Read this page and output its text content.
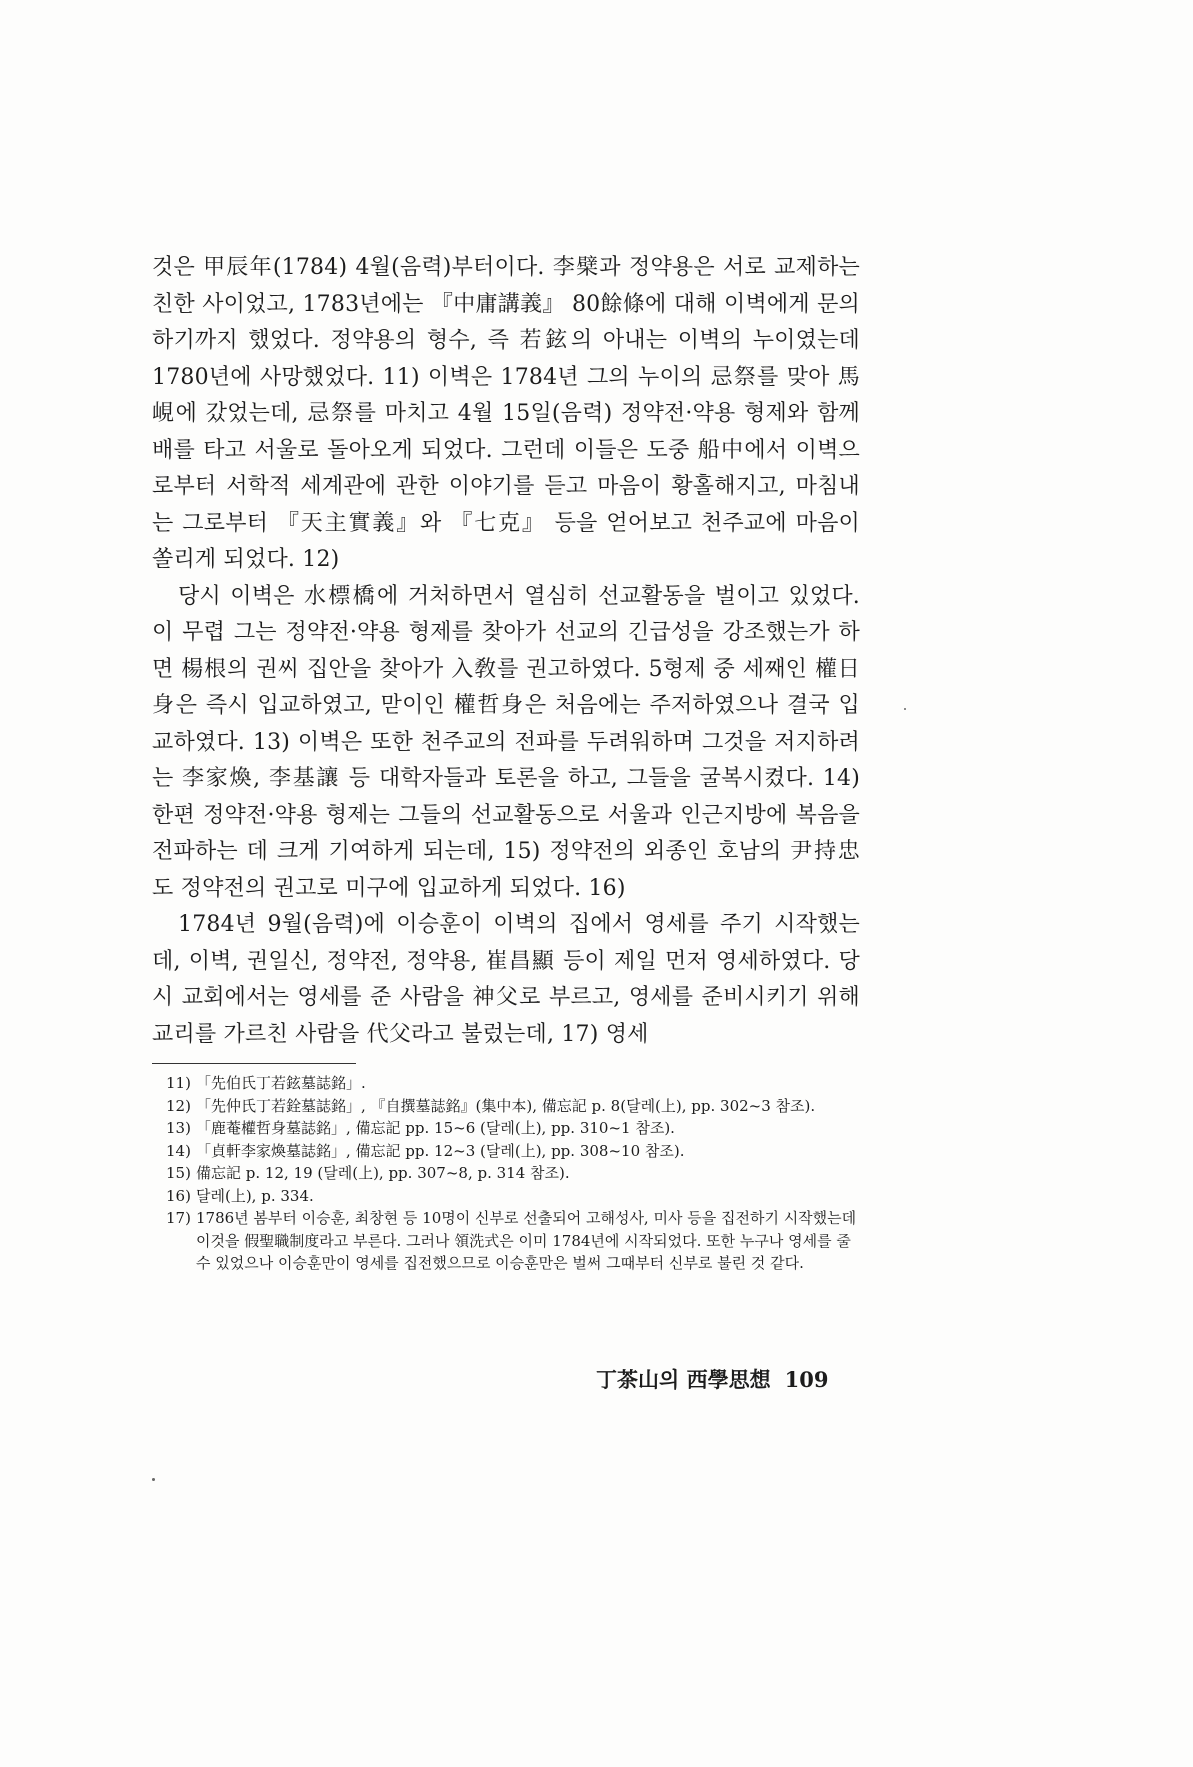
것은 甲辰年(1784) 4월(음력)부터이다. 李檗과 정약용은 서로 교제하는 친한 사이었고, 1783년에는 『中庸講義』 80餘條에 대해 이벽에게 문의하기까지 했었다. 정약용의 형수, 즉 若鉉의 아내는 이벽의 누이였는데 1780년에 사망했었다. 11) 이벽은 1784년 그의 누이의 忌祭를 맞아 馬峴에 갔었는데, 忌祭를 마치고 4월 15일(음력) 정약전·약용 형제와 함께 배를 타고 서울로 돌아오게 되었다. 그런데 이들은 도중 船中에서 이벽으로부터 서학적 세계관에 관한 이야기를 듣고 마음이 황홀해지고, 마침내는 그로부터 『天主實義』와 『七克』 등을 얻어보고 천주교에 마음이 쏠리게 되었다. 12)

당시 이벽은 水標橋에 거처하면서 열심히 선교활동을 벌이고 있었다. 이 무렵 그는 정약전·약용 형제를 찾아가 선교의 긴급성을 강조했는가 하면 楊根의 권씨 집안을 찾아가 入敎를 권고하였다. 5형제 중 세째인 權日身은 즉시 입교하였고, 맏이인 權哲身은 처음에는 주저하였으나 결국 입교하였다. 13) 이벽은 또한 천주교의 전파를 두려워하며 그것을 저지하려는 李家煥, 李基讓 등 대학자들과 토론을 하고, 그들을 굴복시켰다. 14) 한편 정약전·약용 형제는 그들의 선교활동으로 서울과 인근지방에 복음을 전파하는 데 크게 기여하게 되는데, 15) 정약전의 외종인 호남의 尹持忠도 정약전의 권고로 미구에 입교하게 되었다. 16)

1784년 9월(음력)에 이승훈이 이벽의 집에서 영세를 주기 시작했는데, 이벽, 권일신, 정약전, 정약용, 崔昌顯 등이 제일 먼저 영세하였다. 당시 교회에서는 영세를 준 사람을 神父로 부르고, 영세를 준비시키기 위해 교리를 가르친 사람을 代父라고 불렀는데, 17) 영세

11) 「先伯氏丁若鉉墓誌銘」.
12) 「先仲氏丁若銓墓誌銘」, 『自撰墓誌銘』(集中本), 備忘記 p. 8(달레(上), pp. 302~3 참조).
13) 「鹿菴權哲身墓誌銘」, 備忘記 pp. 15~6 (달레(上), pp. 310~1 참조).
14) 「貞軒李家煥墓誌銘」, 備忘記 pp. 12~3 (달레(上), pp. 308~10 참조).
15) 備忘記 p. 12, 19 (달레(上), pp. 307~8, p. 314 참조).
16) 달레(上), p. 334.
17) 1786년 봄부터 이승훈, 최창현 등 10명이 신부로 선출되어 고해성사, 미사 등을 집전하기 시작했는데 이것을 假聖職制度라고 부른다. 그러나 領洗式은 이미 1784년에 시작되었다. 또한 누구나 영세를 줄 수 있었으나 이승훈만이 영세를 집전했으므로 이승훈만은 벌써 그때부터 신부로 불린 것 같다.
丁茶山의 西學思想 109
